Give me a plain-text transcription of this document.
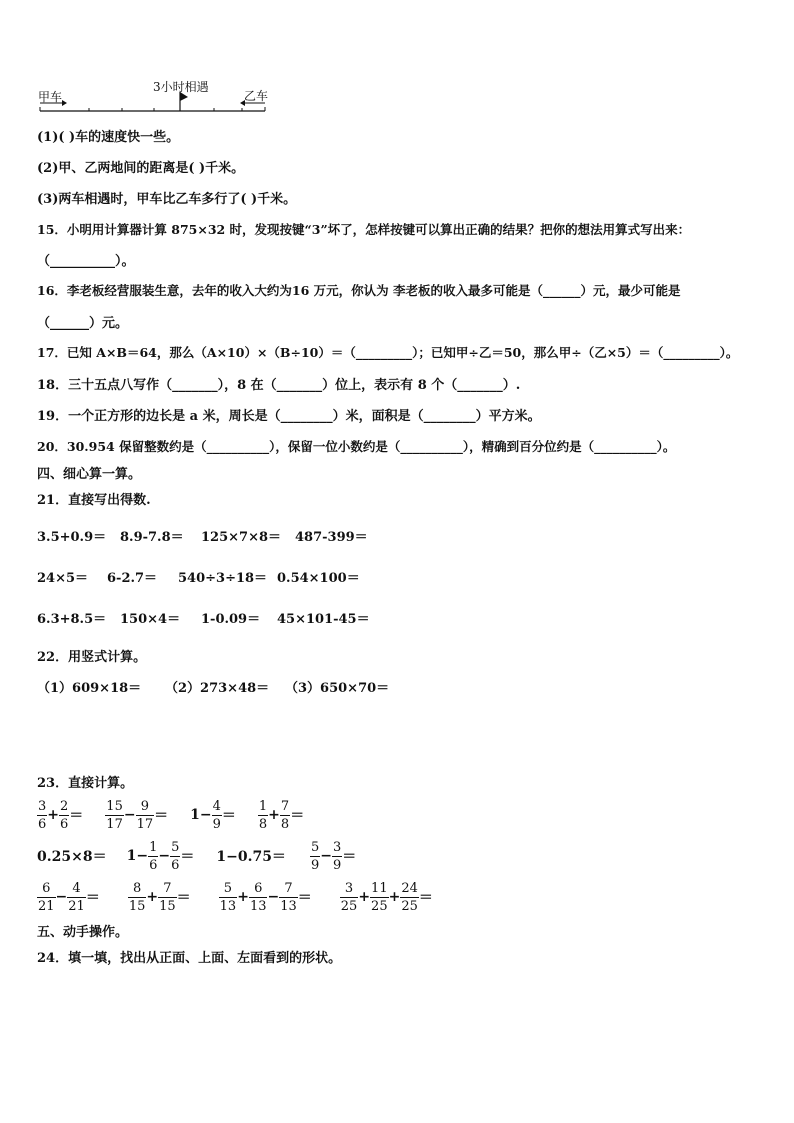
3小时相遇
甲车	乙车
(1)( )车的速度快一些。
(2)甲、乙两地间的距离是( )千米。
(3)两车相遇时，甲车比乙车多行了( )千米。
15．小明用计算器计算 875×32 时，发现按键“3”坏了，怎样按键可以算出正确的结果？把你的想法用算式写出来：
（__________）。
16．李老板经营服装生意，去年的收入大约为16 万元，你认为 李老板的收入最多可能是（______）元，最少可能是
（______）元。
17．已知 A×B＝64，那么（A×10）×（B÷10）＝（_________）；已知甲÷乙＝50，那么甲÷（乙×5）＝（_________）。
18．三十五点八写作（_______），8 在（_______）位上，表示有 8 个（_______）.
19．一个正方形的边长是 a 米，周长是（________）米，面积是（________）平方米。
20．30.954 保留整数约是（__________），保留一位小数约是（__________），精确到百分位约是（__________）。
四、细心算一算。
21．直接写出得数.
3.5+0.9＝ 8.9-7.8＝ 125×7×8＝ 487-399＝
24×5＝ 6-2.7＝ 540÷3÷18＝ 0.54×100＝
6.3+8.5＝ 150×4＝ 1-0.09＝ 45×101-45＝
22．用竖式计算。
（1）609×18＝ （2）273×48＝ （3）650×70＝
23．直接计算。
$\frac{3}{6} + \frac{2}{6} = \frac{15}{17} - \frac{9}{17} = 1- \frac{4}{9} = \frac{1}{8} + \frac{7}{8}$ ＝
$0.25\times 8= 1- \frac{1}{6} - \frac{5}{6} = 1-0.75= \frac{5}{9} - \frac{3}{9}$ ＝
$\frac{6}{21} - \frac{4}{21} = \frac{8}{15} + \frac{7}{15} = \frac{5}{13} + \frac{6}{13} - \frac{7}{13} = \frac{3}{25} + \frac{11}{25} + \frac{24}{25}$ ＝
五、动手操作。
24．填一填，找出从正面、上面、左面看到的形状。
